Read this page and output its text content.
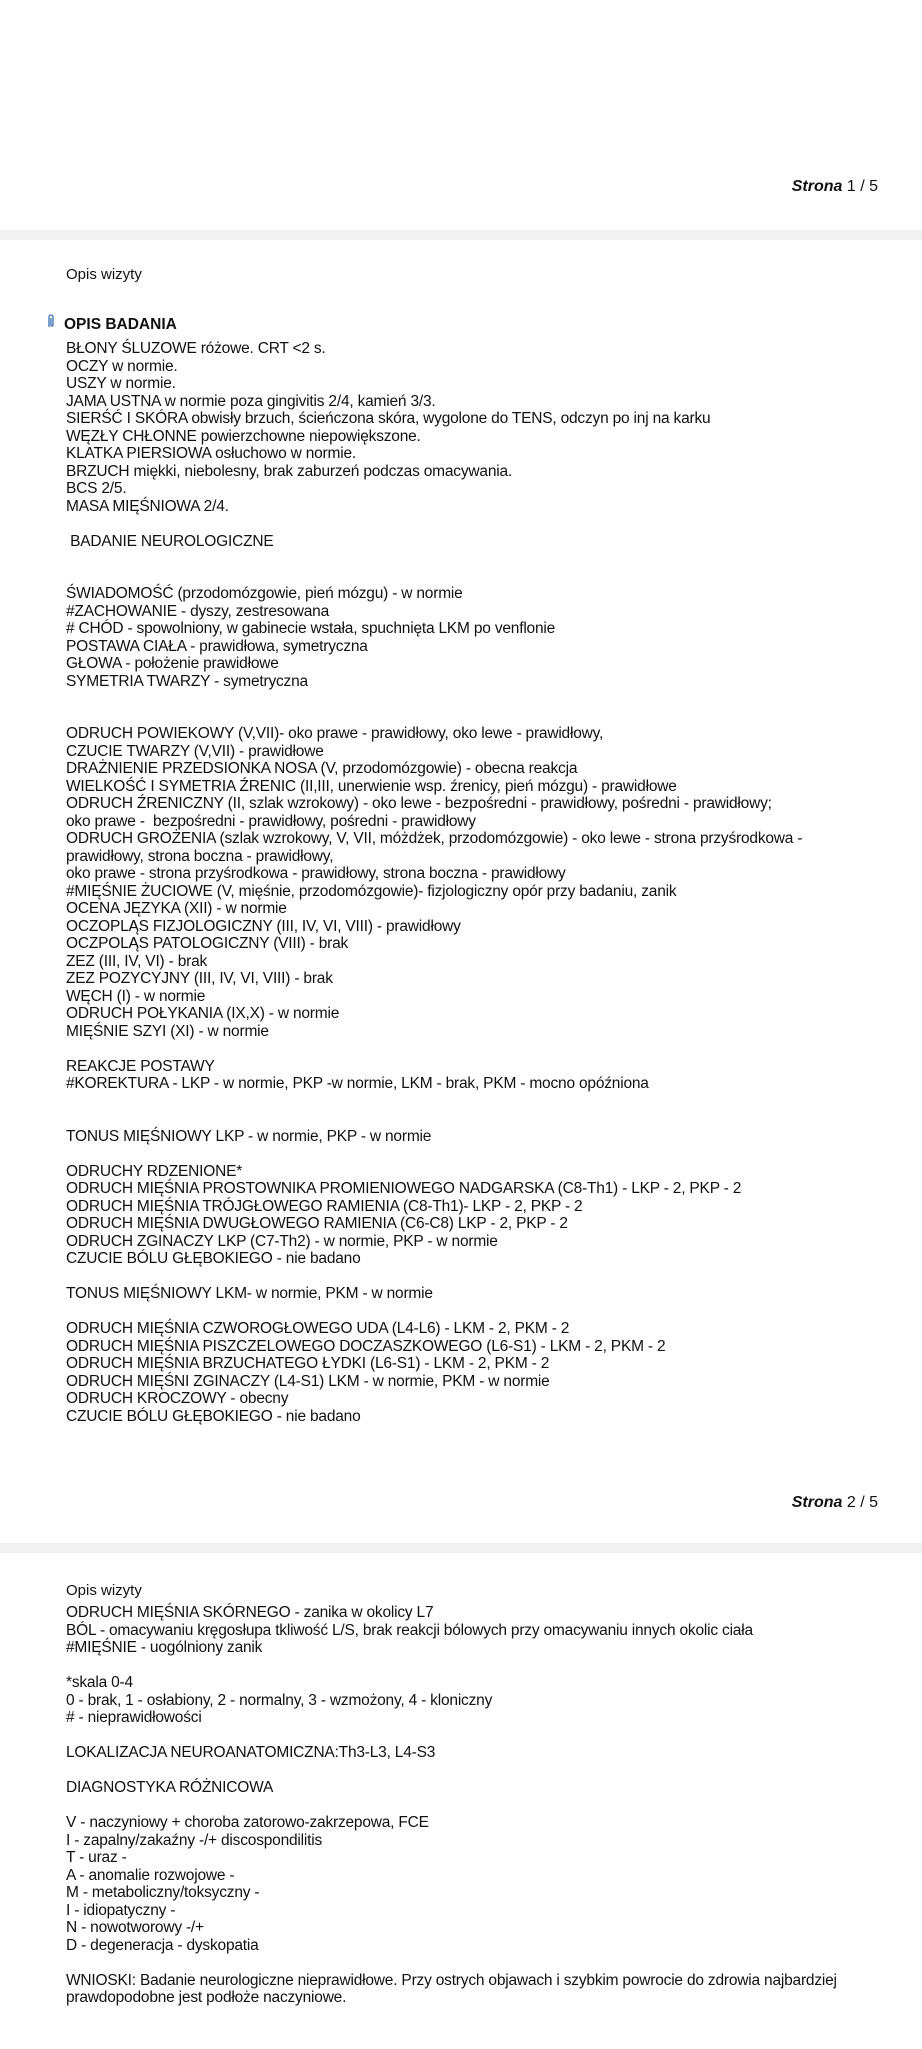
Strona 1 / 5
Opis wizyty
OPIS BADANIA
BŁONY ŚLUZOWE różowe. CRT <2 s.
OCZY w normie.
USZY w normie.
JAMA USTNA w normie poza gingivitis 2/4, kamień 3/3.
SIERŚĆ I SKÓRA obwisły brzuch, ścieńczona skóra, wygolone do TENS, odczyn po inj na karku
WĘZŁY CHŁONNE powierzchowne niepowiększone.
KLATKA PIERSIOWA osłuchowo w normie.
BRZUCH miękki, niebolesny, brak zaburzeń podczas omacywania.
BCS 2/5.
MASA MIĘŚNIOWA 2/4.
BADANIE NEUROLOGICZNE
ŚWIADOMOŚĆ (przodomózgowie, pień mózgu) - w normie
#ZACHOWANIE - dyszy, zestresowana
# CHÓD - spowolniony, w gabinecie wstała, spuchnięta LKM po venflonie
POSTAWA CIAŁA - prawidłowa, symetryczna
GŁOWA - położenie prawidłowe
SYMETRIA TWARZY - symetryczna
ODRUCH POWIEKOWY (V,VII)- oko prawe - prawidłowy, oko lewe - prawidłowy,
CZUCIE TWARZY (V,VII) - prawidłowe
DRAŻNIENIE PRZEDSIONKA NOSA (V, przodomózgowie) - obecna reakcja
WIELKOŚĆ I SYMETRIA ŹRENIC (II,III, unerwienie wsp. źrenicy, pień mózgu) - prawidłowe
ODRUCH ŹRENICZNY (II, szlak wzrokowy) - oko lewe - bezpośredni - prawidłowy, pośredni - prawidłowy;
oko prawe -  bezpośredni - prawidłowy, pośredni - prawidłowy
ODRUCH GROŻENIA (szlak wzrokowy, V, VII, móżdżek, przodomózgowie) - oko lewe - strona przyśrodkowa -
prawidłowy, strona boczna - prawidłowy,
oko prawe - strona przyśrodkowa - prawidłowy, strona boczna - prawidłowy
#MIĘŚNIE ŻUCIOWE (V, mięśnie, przodomózgowie)- fizjologiczny opór przy badaniu, zanik
OCENA JĘZYKA (XII) - w normie
OCZOPLĄS FIZJOLOGICZNY (III, IV, VI, VIII) - prawidłowy
OCZPOLĄS PATOLOGICZNY (VIII) - brak
ZEZ (III, IV, VI) - brak
ZEZ POZYCYJNY (III, IV, VI, VIII) - brak
WĘCH (I) - w normie
ODRUCH POŁYKANIA (IX,X) - w normie
MIĘŚNIE SZYI (XI) - w normie
REAKCJE POSTAWY
#KOREKTURA - LKP - w normie, PKP -w normie, LKM - brak, PKM - mocno opóźniona
TONUS MIĘŚNIOWY LKP - w normie, PKP - w normie
ODRUCHY RDZENIONE*
ODRUCH MIĘŚNIA PROSTOWNIKA PROMIENIOWEGO NADGARSKA (C8-Th1) - LKP - 2, PKP - 2
ODRUCH MIĘŚNIA TRÓJGŁOWEGO RAMIENIA (C8-Th1)- LKP - 2, PKP - 2
ODRUCH MIĘŚNIA DWUGŁOWEGO RAMIENIA (C6-C8) LKP - 2, PKP - 2
ODRUCH ZGINACZY LKP (C7-Th2) - w normie, PKP - w normie
CZUCIE BÓLU GŁĘBOKIEGO - nie badano
TONUS MIĘŚNIOWY LKM- w normie, PKM - w normie
ODRUCH MIĘŚNIA CZWOROGŁOWEGO UDA (L4-L6) - LKM - 2, PKM - 2
ODRUCH MIĘŚNIA PISZCZELOWEGO DOCZASZKOWEGO (L6-S1) - LKM - 2, PKM - 2
ODRUCH MIĘŚNIA BRZUCHATEGO ŁYDKI (L6-S1) - LKM - 2, PKM - 2
ODRUCH MIĘŚNI ZGINACZY (L4-S1) LKM - w normie, PKM - w normie
ODRUCH KROCZOWY - obecny
CZUCIE BÓLU GŁĘBOKIEGO - nie badano
Strona 2 / 5
Opis wizyty
ODRUCH MIĘŚNIA SKÓRNEGO - zanika w okolicy L7
BÓL - omacywaniu kręgosłupa tkliwość L/S, brak reakcji bólowych przy omacywaniu innych okolic ciała
#MIĘŚNIE - uogólniony zanik
*skala 0-4
0 - brak, 1 - osłabiony, 2 - normalny, 3 - wzmożony, 4 - kloniczny
# - nieprawidłowości
LOKALIZACJA NEUROANATOMICZNA:Th3-L3, L4-S3
DIAGNOSTYKA RÓŻNICOWA
V - naczyniowy + choroba zatorowo-zakrzepowa, FCE
I - zapalny/zakaźny -/+ discospondilitis
T - uraz -
A - anomalie rozwojowe -
M - metaboliczny/toksyczny -
I - idiopatyczny -
N - nowotworowy -/+
D - degeneracja - dyskopatia
WNIOSKI: Badanie neurologiczne nieprawidłowe. Przy ostrych objawach i szybkim powrocie do zdrowia najbardziej
prawdopodobne jest podłoże naczyniowe.
